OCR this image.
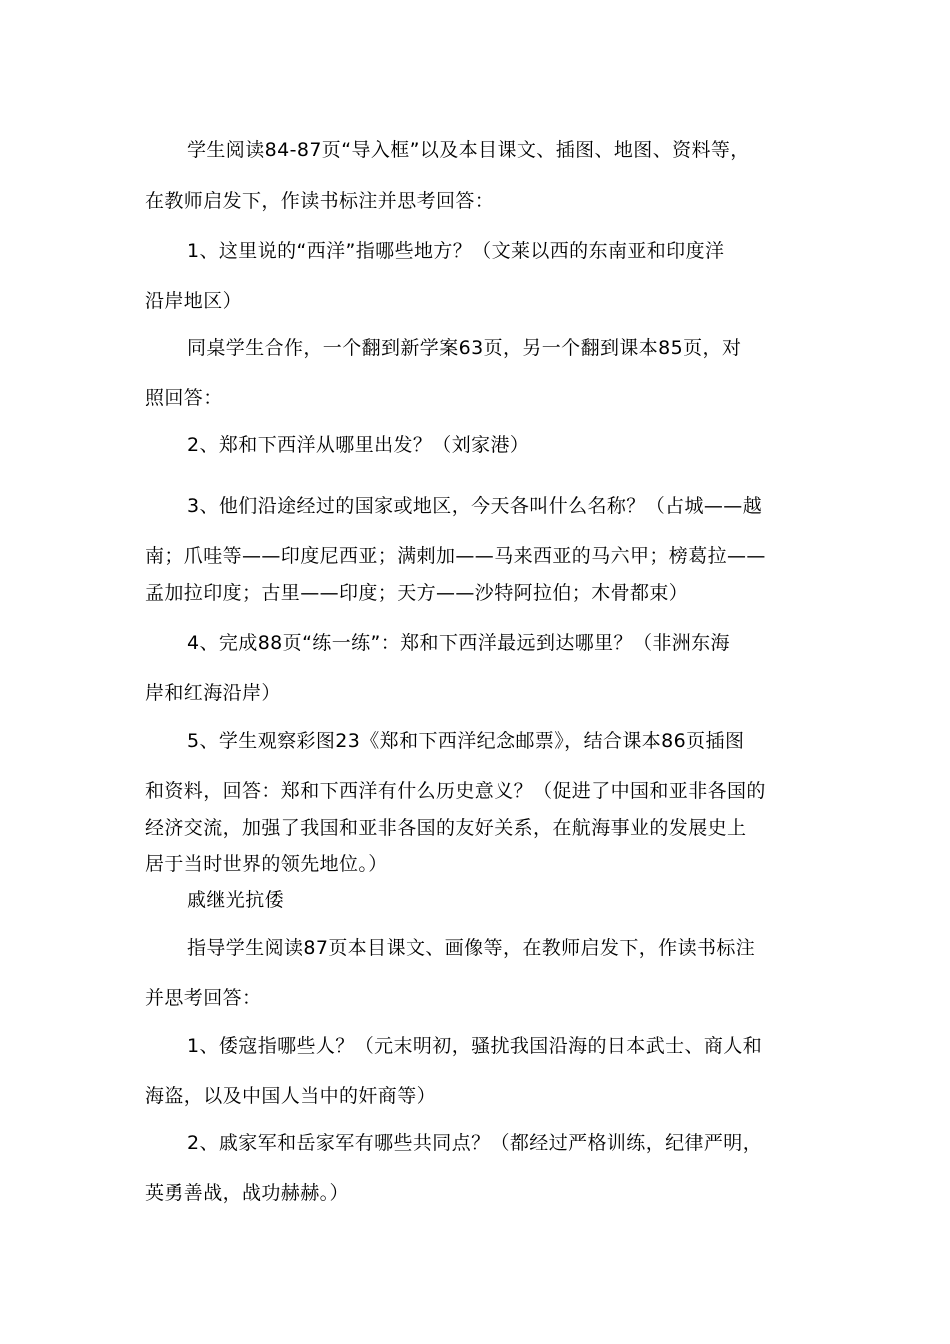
学生阅读84-87页“导入框”以及本目课文、插图、地图、资料等，
在教师启发下，作读书标注并思考回答：
1、这里说的“西洋”指哪些地方？（文莱以西的东南亚和印度洋
沿岸地区）
同桌学生合作，一个翻到新学案63页，另一个翻到课本85页，对
照回答：
2、郑和下西洋从哪里出发？（刘家港）
3、他们沿途经过的国家或地区，今天各叫什么名称？（占城——越
南；爪哇等——印度尼西亚；满剌加——马来西亚的马六甲；榜葛拉——
孟加拉印度；古里——印度；天方——沙特阿拉伯；木骨都束）
4、完成88页“练一练”：郑和下西洋最远到达哪里？（非洲东海
岸和红海沿岸）
5、学生观察彩图23《郑和下西洋纪念邮票》，结合课本86页插图
和资料，回答：郑和下西洋有什么历史意义？（促进了中国和亚非各国的
经济交流，加强了我国和亚非各国的友好关系，在航海事业的发展史上
居于当时世界的领先地位。）
戚继光抗倭
指导学生阅读87页本目课文、画像等，在教师启发下，作读书标注
并思考回答：
1、倭寇指哪些人？（元末明初，骚扰我国沿海的日本武士、商人和
海盗，以及中国人当中的奸商等）
2、戚家军和岳家军有哪些共同点？（都经过严格训练，纪律严明，
英勇善战，战功赫赫。）
